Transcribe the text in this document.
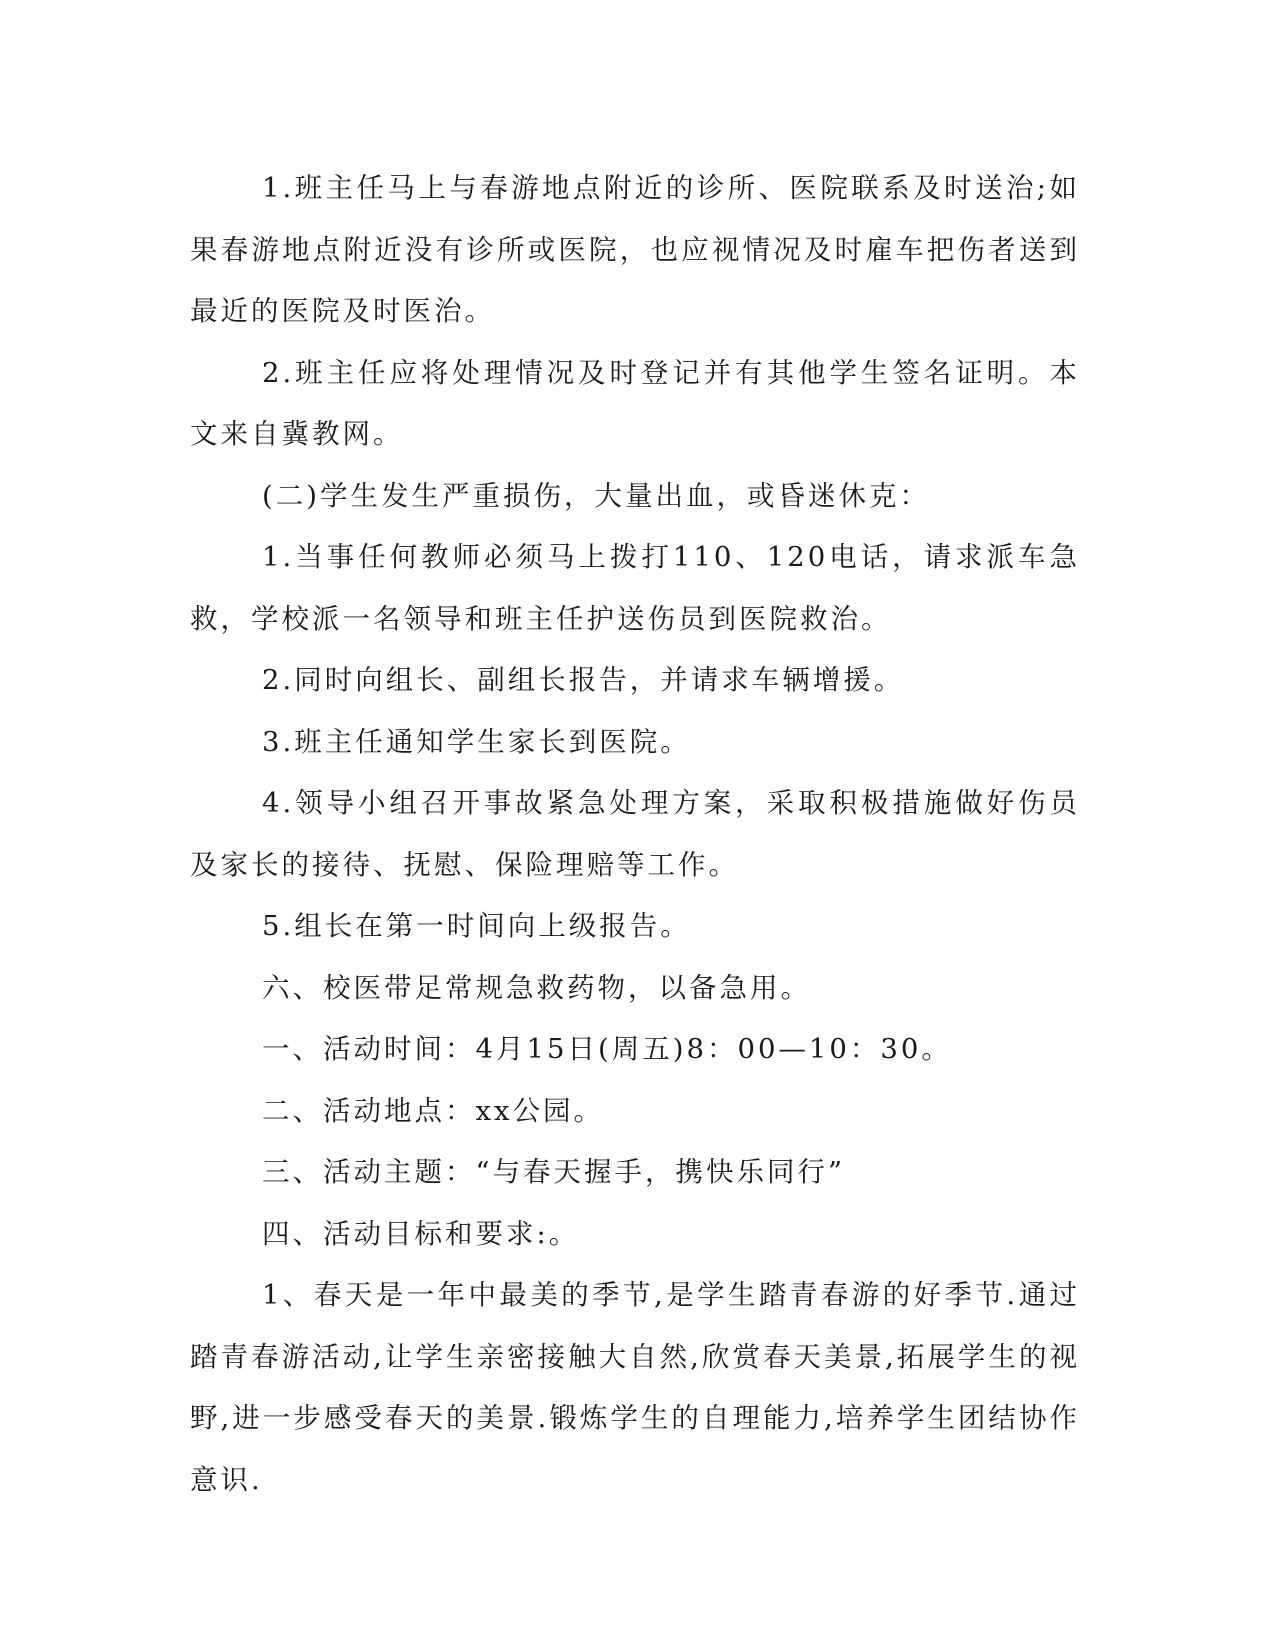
1.班主任马上与春游地点附近的诊所、医院联系及时送治;如果春游地点附近没有诊所或医院，也应视情况及时雇车把伤者送到最近的医院及时医治。

2.班主任应将处理情况及时登记并有其他学生签名证明。本文来自冀教网。

(二)学生发生严重损伤，大量出血，或昏迷休克：

1.当事任何教师必须马上拨打110、120电话，请求派车急救，学校派一名领导和班主任护送伤员到医院救治。

2.同时向组长、副组长报告，并请求车辆增援。

3.班主任通知学生家长到医院。

4.领导小组召开事故紧急处理方案，采取积极措施做好伤员及家长的接待、抚慰、保险理赔等工作。

5.组长在第一时间向上级报告。

六、校医带足常规急救药物，以备急用。

一、活动时间：4月15日(周五)8：00—10：30。

二、活动地点：xx公园。

三、活动主题：“与春天握手，携快乐同行”

四、活动目标和要求:。

1、春天是一年中最美的季节,是学生踏青春游的好季节.通过踏青春游活动,让学生亲密接触大自然,欣赏春天美景,拓展学生的视野,进一步感受春天的美景.锻炼学生的自理能力,培养学生团结协作意识.
